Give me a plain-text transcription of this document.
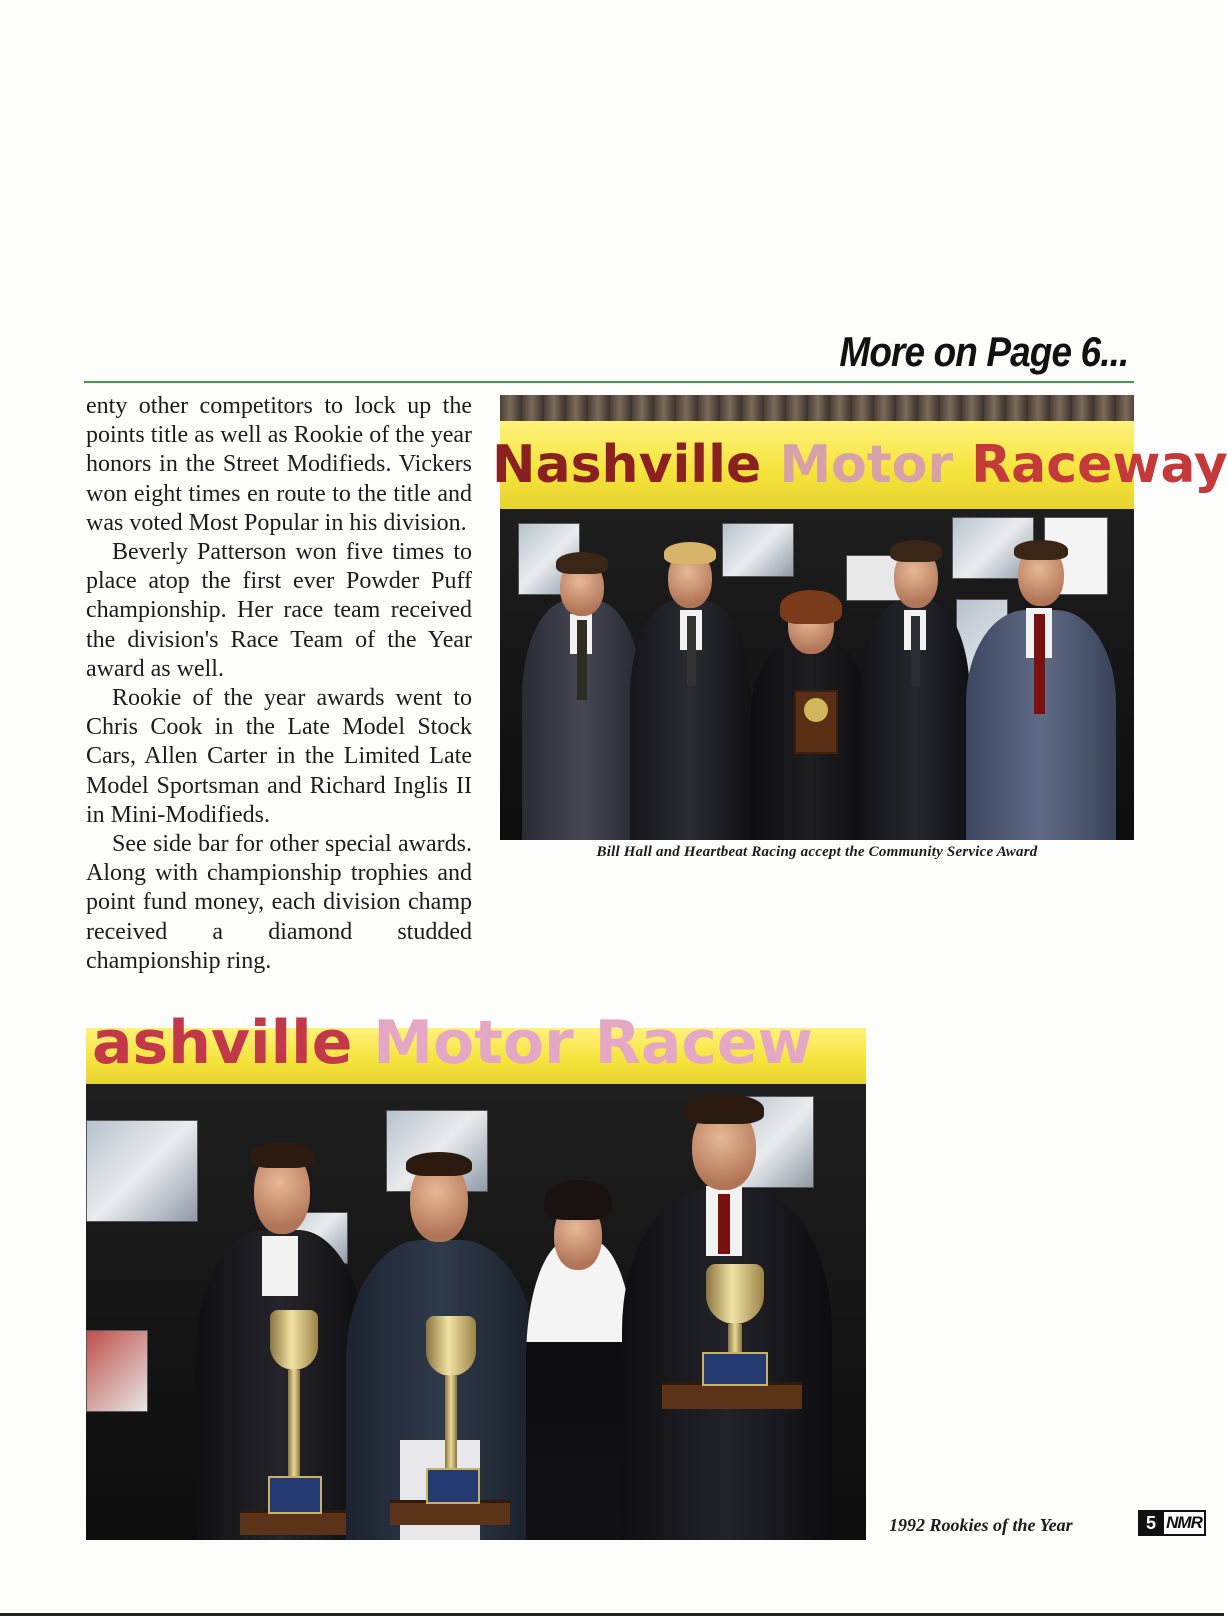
More on Page 6...

enty other competitors to lock up the points title as well as Rookie of the year honors in the Street Modifieds. Vickers won eight times en route to the title and was voted Most Popular in his division.

Beverly Patterson won five times to place atop the first ever Powder Puff championship. Her race team received the division's Race Team of the Year award as well.

Rookie of the year awards went to Chris Cook in the Late Model Stock Cars, Allen Carter in the Limited Late Model Sportsman and Richard Inglis II in Mini-Modifieds.

See side bar for other special awards. Along with championship trophies and point fund money, each division champ received a diamond studded championship ring.

Nashville Motor Raceway
Bill Hall and Heartbeat Racing accept the Community Service Award
ashville Motor Racew
1992 Rookies of the Year	5 NMR
